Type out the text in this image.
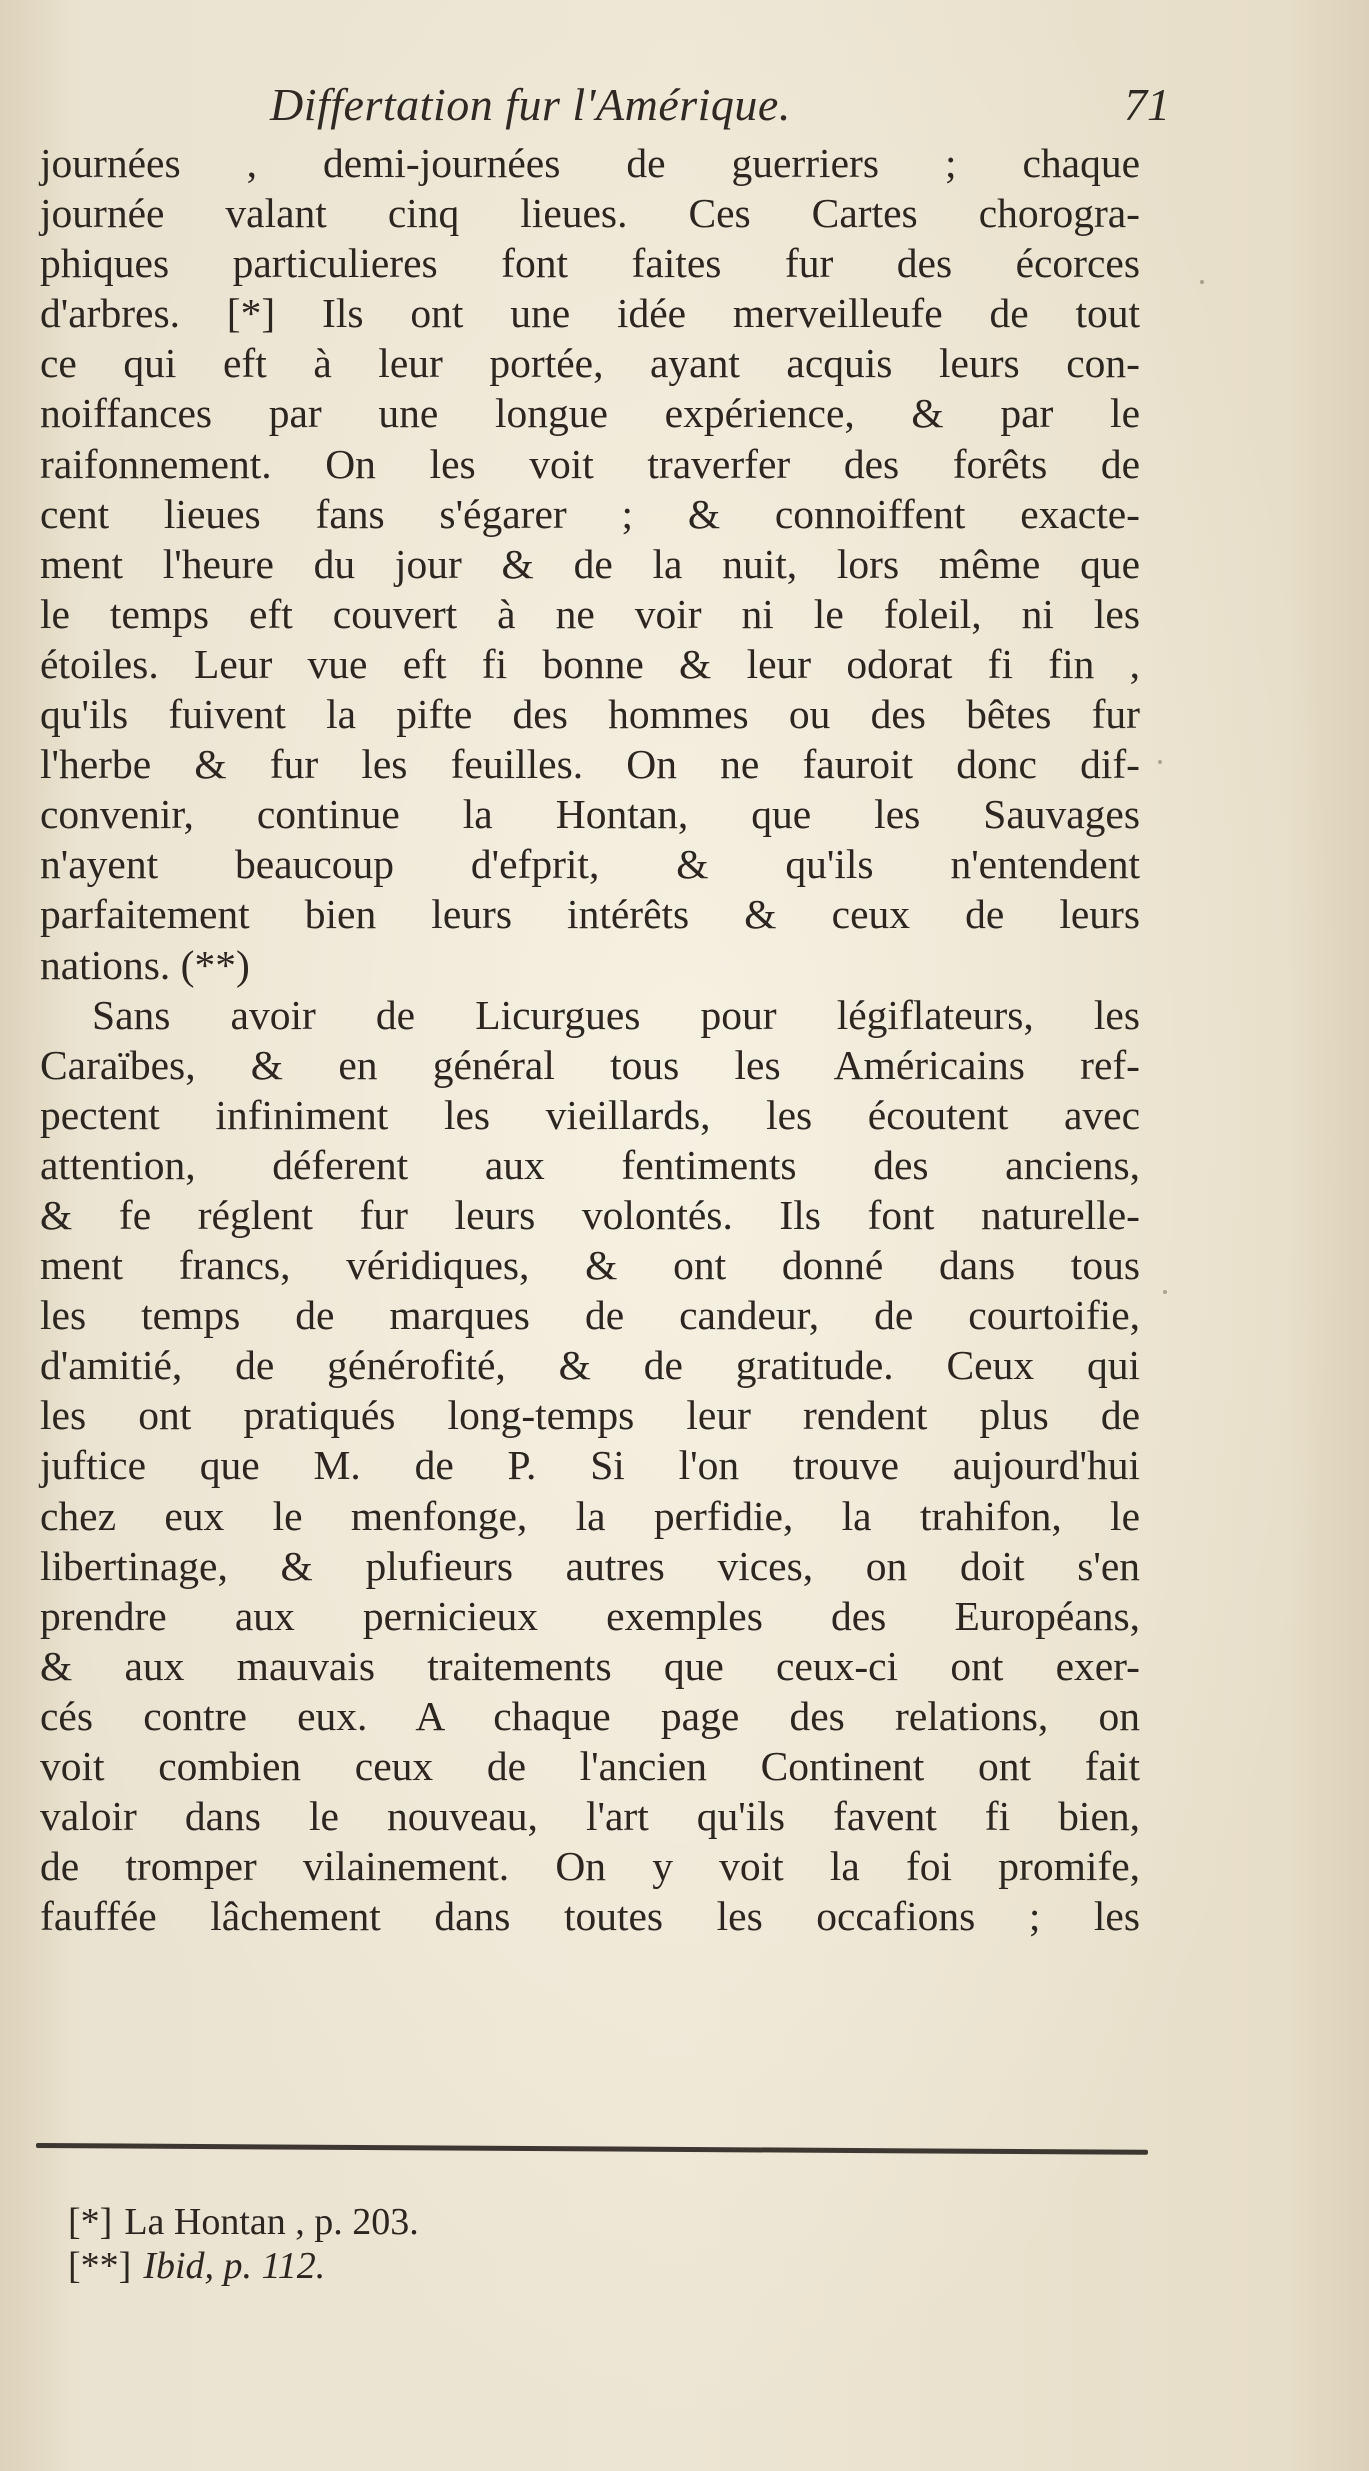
Differtation fur l'Amérique.	71
journées , demi-journées de guerriers ; chaque
journée valant cinq lieues. Ces Cartes chorogra-
phiques particulieres font faites fur des écorces
d'arbres. [*] Ils ont une idée merveilleufe de tout
ce qui eft à leur portée, ayant acquis leurs con-
noiffances par une longue expérience, & par le
raifonnement. On les voit traverfer des forêts de
cent lieues fans s'égarer ; & connoiffent exacte-
ment l'heure du jour & de la nuit, lors même que
le temps eft couvert à ne voir ni le foleil, ni les
étoiles. Leur vue eft fi bonne & leur odorat fi fin ,
qu'ils fuivent la pifte des hommes ou des bêtes fur
l'herbe & fur les feuilles. On ne fauroit donc dif-
convenir, continue la Hontan, que les Sauvages
n'ayent beaucoup d'efprit, & qu'ils n'entendent
parfaitement bien leurs intérêts & ceux de leurs
nations. (**)
Sans avoir de Licurgues pour légiflateurs, les
Caraïbes, & en général tous les Américains ref-
pectent infiniment les vieillards, les écoutent avec
attention, déferent aux fentiments des anciens,
& fe réglent fur leurs volontés. Ils font naturelle-
ment francs, véridiques, & ont donné dans tous
les temps de marques de candeur, de courtoifie,
d'amitié, de générofité, & de gratitude. Ceux qui
les ont pratiqués long-temps leur rendent plus de
juftice que M. de P. Si l'on trouve aujourd'hui
chez eux le menfonge, la perfidie, la trahifon, le
libertinage, & plufieurs autres vices, on doit s'en
prendre aux pernicieux exemples des Européans,
& aux mauvais traitements que ceux-ci ont exer-
cés contre eux. A chaque page des relations, on
voit combien ceux de l'ancien Continent ont fait
valoir dans le nouveau, l'art qu'ils favent fi bien,
de tromper vilainement. On y voit la foi promife,
fauffée lâchement dans toutes les occafions ; les
[*] La Hontan , p. 203.
[**] Ibid, p. 112.
